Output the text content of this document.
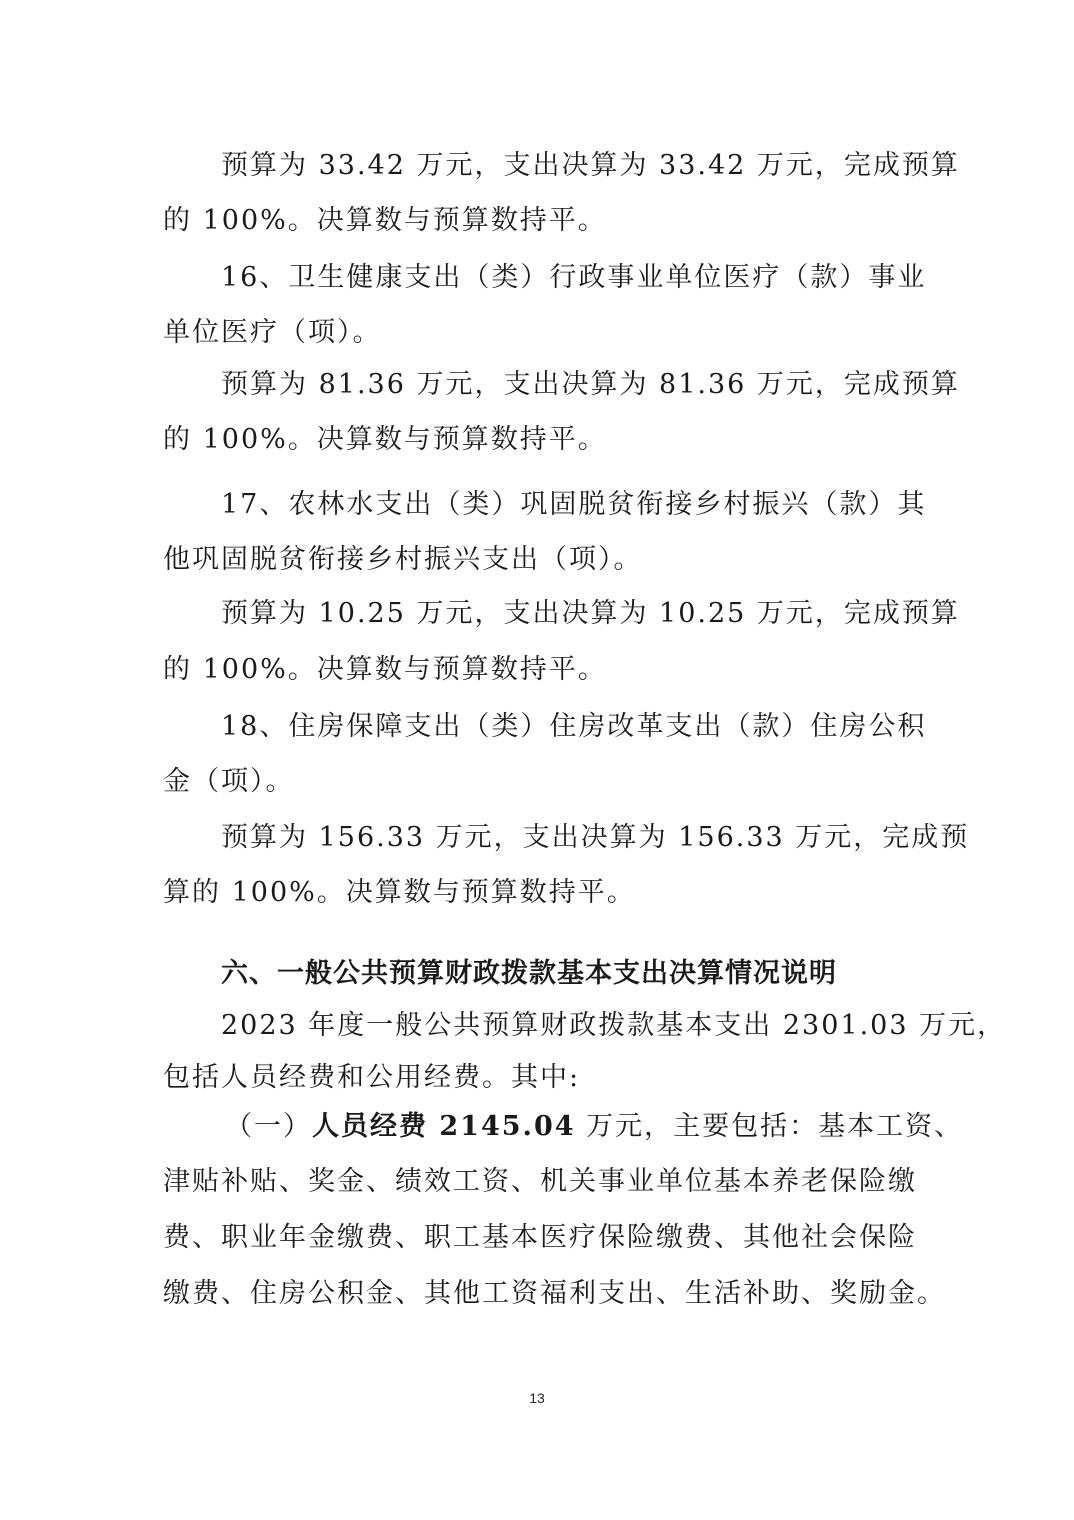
预算为 33.42 万元，支出决算为 33.42 万元，完成预算
的 100%。决算数与预算数持平。
16、卫生健康支出（类）行政事业单位医疗（款）事业
单位医疗（项）。
预算为 81.36 万元，支出决算为 81.36 万元，完成预算
的 100%。决算数与预算数持平。
17、农林水支出（类）巩固脱贫衔接乡村振兴（款）其
他巩固脱贫衔接乡村振兴支出（项）。
预算为 10.25 万元，支出决算为 10.25 万元，完成预算
的 100%。决算数与预算数持平。
18、住房保障支出（类）住房改革支出（款）住房公积
金（项）。
预算为 156.33 万元，支出决算为 156.33 万元，完成预
算的 100%。决算数与预算数持平。
六、一般公共预算财政拨款基本支出决算情况说明
2023 年度一般公共预算财政拨款基本支出 2301.03 万元，
包括人员经费和公用经费。其中:
（一）人员经费 2145.04 万元，主要包括：基本工资、
津贴补贴、奖金、绩效工资、机关事业单位基本养老保险缴
费、职业年金缴费、职工基本医疗保险缴费、其他社会保险
缴费、住房公积金、其他工资福利支出、生活补助、奖励金。
13
